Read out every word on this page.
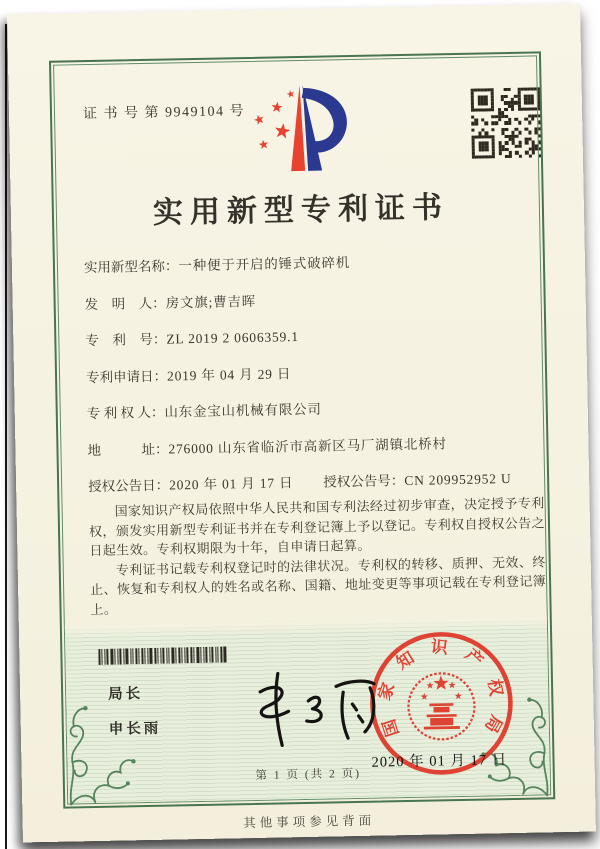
证 书 号 第 9949104 号
实用新型专利证书
实用新型名称： 一种便于开启的锤式破碎机
发　明　人： 房文旗;曹吉晖
专　利　号： ZL 2019 2 0606359.1
专利申请日： 2019 年 04 月 29 日
专 利 权 人： 山东金宝山机械有限公司
地　　　址： 276000 山东省临沂市高新区马厂湖镇北桥村
授权公告日： 2020 年 01 月 17 日 授权公告号： CN 209952952 U

国家知识产权局依照中华人民共和国专利法经过初步审查，决定授予专利权，颁发实用新型专利证书并在专利登记簿上予以登记。专利权自授权公告之日起生效。专利权期限为十年，自申请日起算。

专利证书记载专利权登记时的法律状况。专利权的转移、质押、无效、终止、恢复和专利权人的姓名或名称、国籍、地址变更等事项记载在专利登记簿上。

局长
申长雨	国家知识产权局
2020 年 01 月 17 日
第 1 页 (共 2 页)
其他事项参见背面
